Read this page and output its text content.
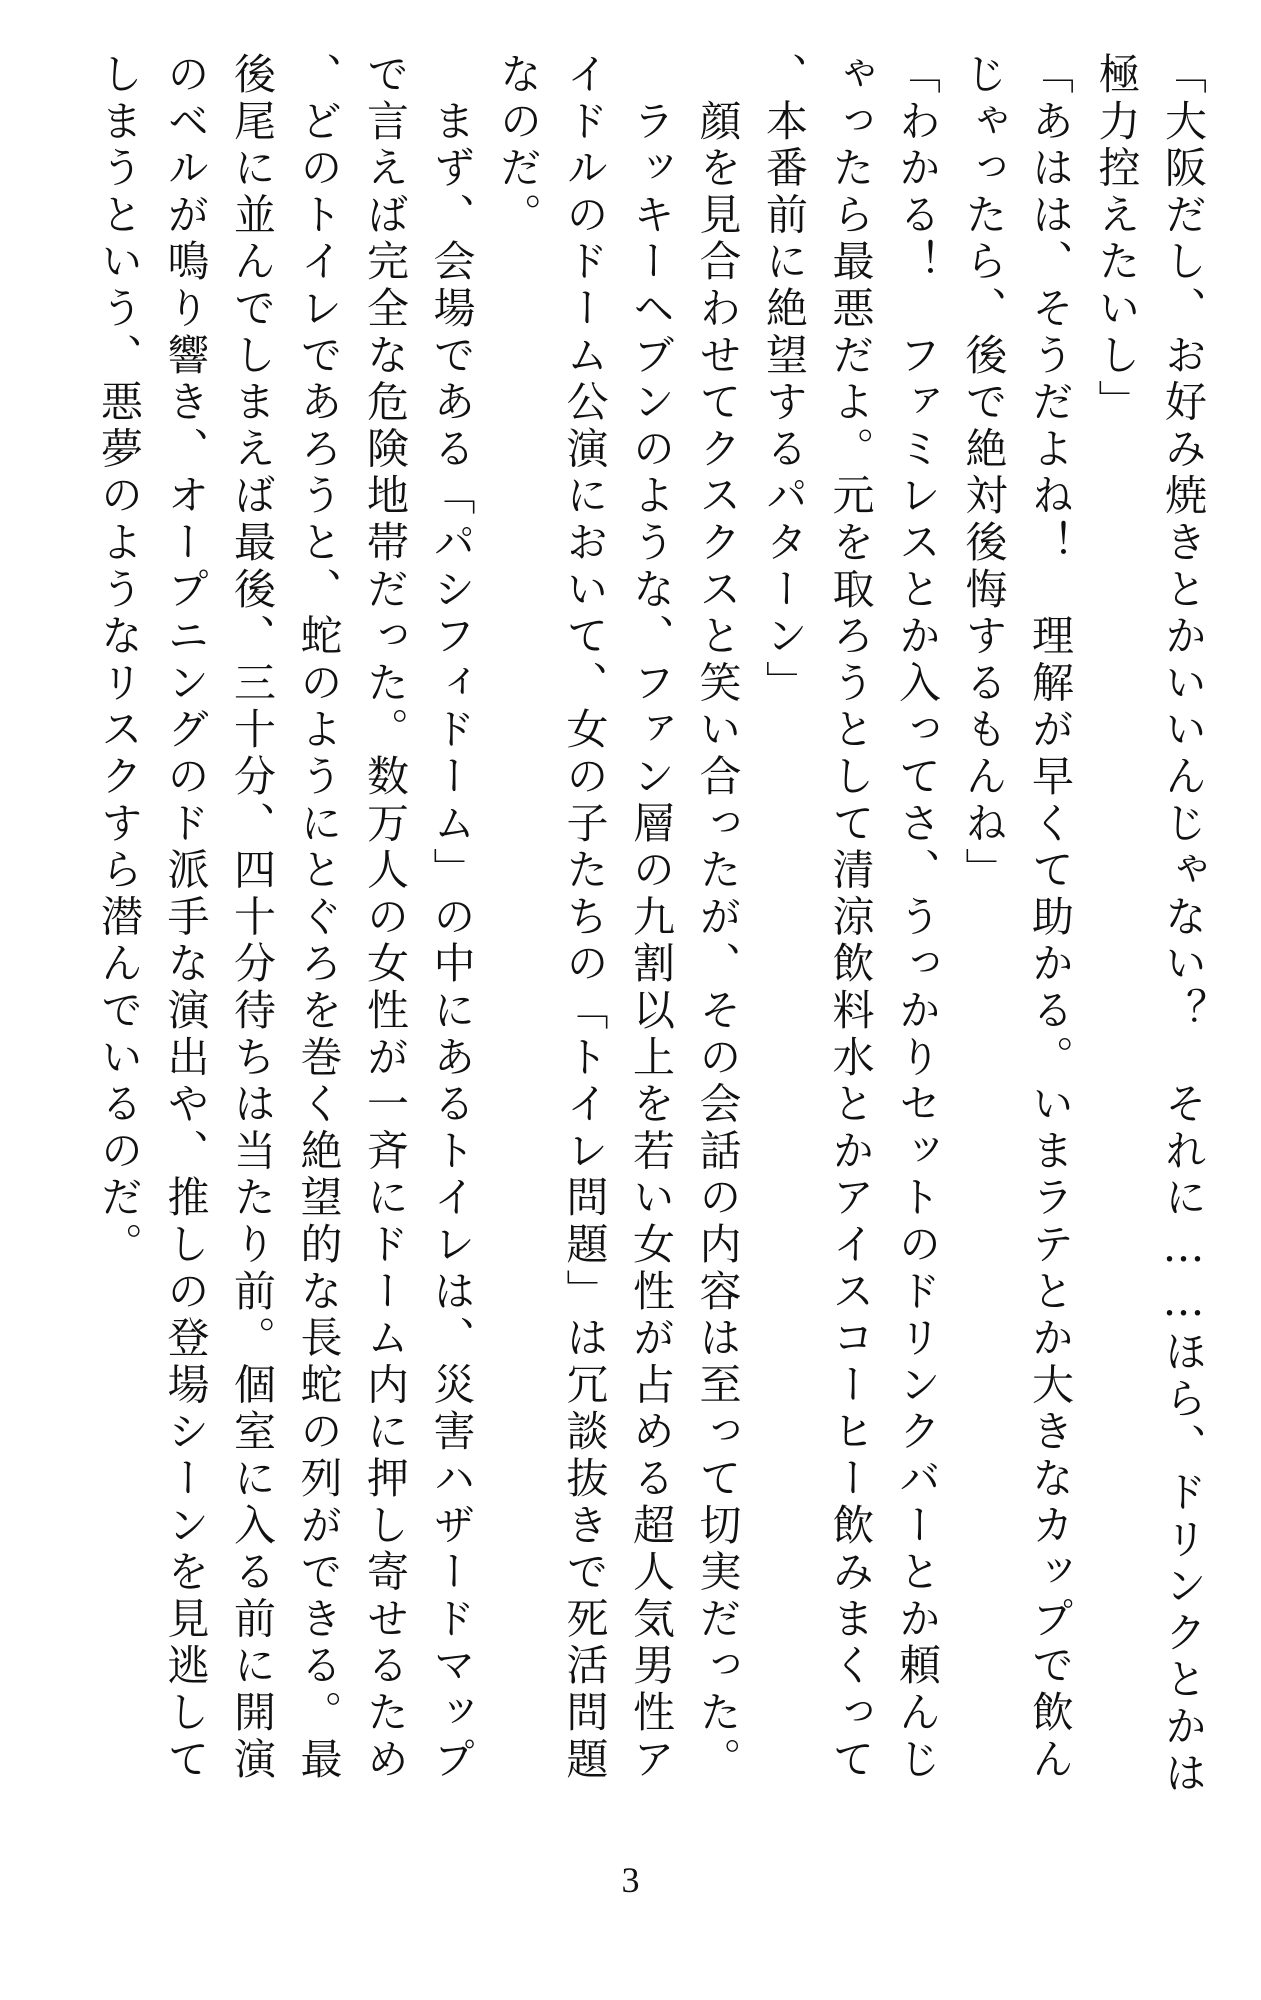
「大阪だし、お好み焼きとかいいんじゃない？　それに……ほら、ドリンクとかは極力控えたいし」

「あはは、そうだよね！　理解が早くて助かる。いまラテとか大きなカップで飲んじゃったら、後で絶対後悔するもんね」

「わかる！　ファミレスとか入ってさ、うっかりセットのドリンクバーとか頼んじゃったら最悪だよ。元を取ろうとして清涼飲料水とかアイスコーヒー飲みまくって、本番前に絶望するパターン」

　顔を見合わせてクスクスと笑い合ったが、その会話の内容は至って切実だった。

　ラッキーヘブンのような、ファン層の九割以上を若い女性が占める超人気男性アイドルのドーム公演において、女の子たちの「トイレ問題」は冗談抜きで死活問題なのだ。

　まず、会場である「パシフィドーム」の中にあるトイレは、災害ハザードマップで言えば完全な危険地帯だった。数万人の女性が一斉にドーム内に押し寄せるため、どのトイレであろうと、蛇のようにとぐろを巻く絶望的な長蛇の列ができる。最後尾に並んでしまえば最後、三十分、四十分待ちは当たり前。個室に入る前に開演のベルが鳴り響き、オープニングのド派手な演出や、推しの登場シーンを見逃してしまうという、悪夢のようなリスクすら潜んでいるのだ。

3
